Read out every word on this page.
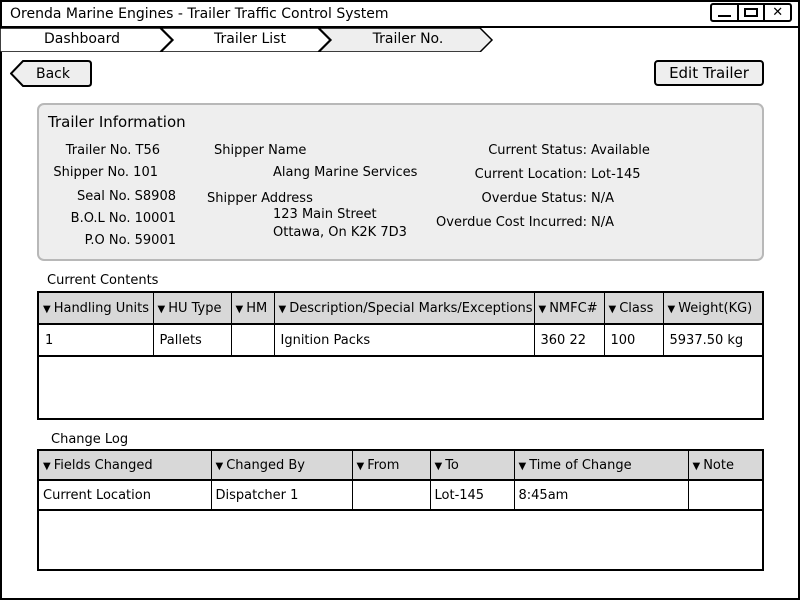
Orenda Marine Engines - Trailer Traffic Control System	✕
Dashboard	Trailer List	Trailer No.
Back	Edit Trailer
Trailer Information
Trailer No. T56
Shipper No. 101
Seal No. S8908
B.O.L No. 10001
P.O No. 59001
Shipper Name
Alang Marine Services
Shipper Address
123 Main Street
Ottawa, On K2K 7D3
Current Status: Available
Current Location: Lot-145
Overdue Status: N/A
Overdue Cost Incurred: N/A
Current Contents
▼ Handling Units	▼ HU Type	▼ HM	▼ Description/Special Marks/Exceptions	▼ NMFC#	▼ Class	▼ Weight(KG)
1	Pallets		Ignition Packs	360 22	100	5937.50 kg
Change Log
▼ Fields Changed	▼ Changed By	▼ From	▼ To	▼ Time of Change	▼ Note
Current Location	Dispatcher 1		Lot-145	8:45am	
